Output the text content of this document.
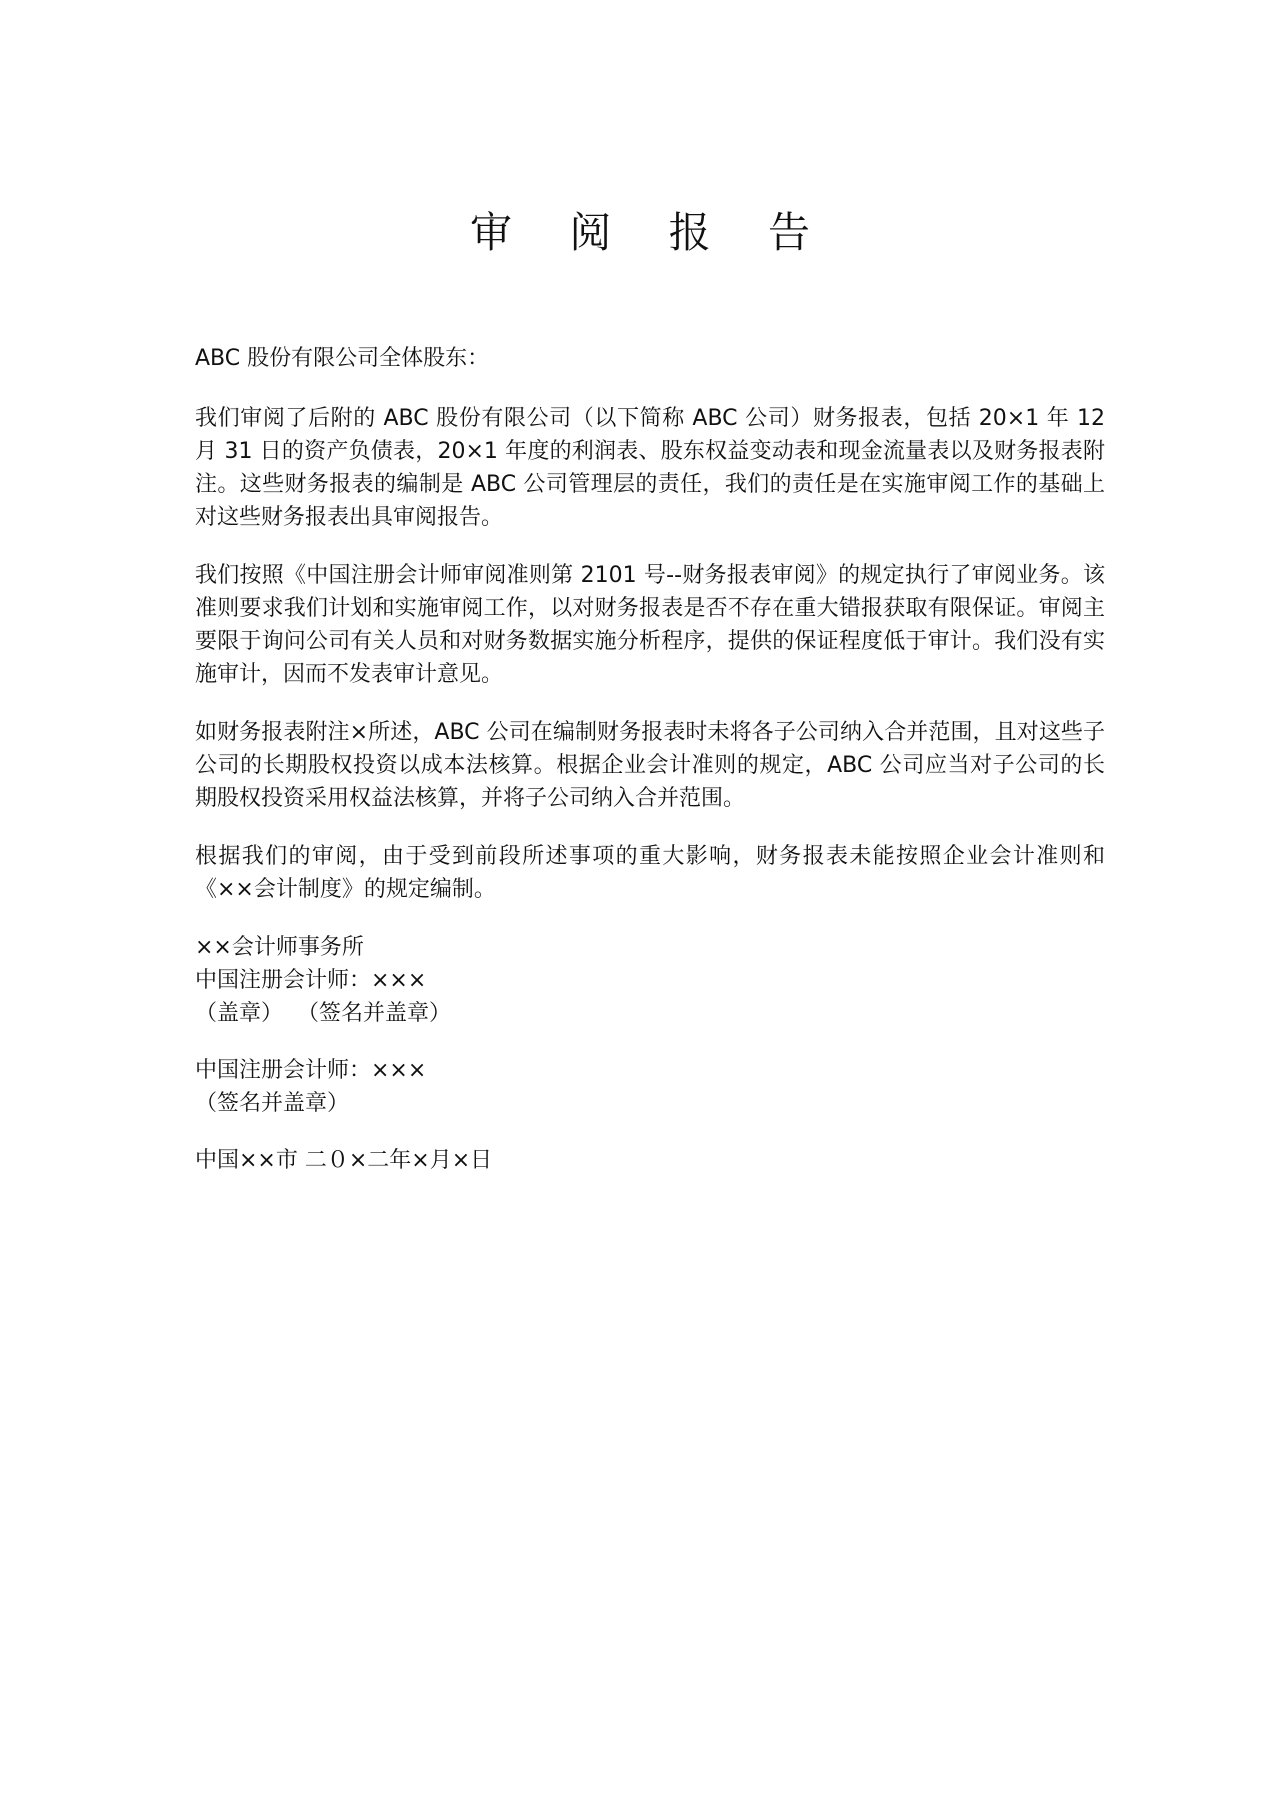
审 阅 报 告

ABC 股份有限公司全体股东：

我们审阅了后附的 ABC 股份有限公司（以下简称 ABC 公司）财务报表，包括 20×1 年 12 月 31 日的资产负债表，20×1 年度的利润表、股东权益变动表和现金流量表以及财务报表附注。这些财务报表的编制是 ABC 公司管理层的责任，我们的责任是在实施审阅工作的基础上对这些财务报表出具审阅报告。

我们按照《中国注册会计师审阅准则第 2101 号--财务报表审阅》的规定执行了审阅业务。该准则要求我们计划和实施审阅工作，以对财务报表是否不存在重大错报获取有限保证。审阅主要限于询问公司有关人员和对财务数据实施分析程序，提供的保证程度低于审计。我们没有实施审计，因而不发表审计意见。

如财务报表附注×所述，ABC 公司在编制财务报表时未将各子公司纳入合并范围，且对这些子公司的长期股权投资以成本法核算。根据企业会计准则的规定，ABC 公司应当对子公司的长期股权投资采用权益法核算，并将子公司纳入合并范围。

根据我们的审阅，由于受到前段所述事项的重大影响，财务报表未能按照企业会计准则和《××会计制度》的规定编制。

××会计师事务所

中国注册会计师：×××

（盖章）  （签名并盖章）

中国注册会计师：×××

（签名并盖章）

中国××市 二０×二年×月×日
